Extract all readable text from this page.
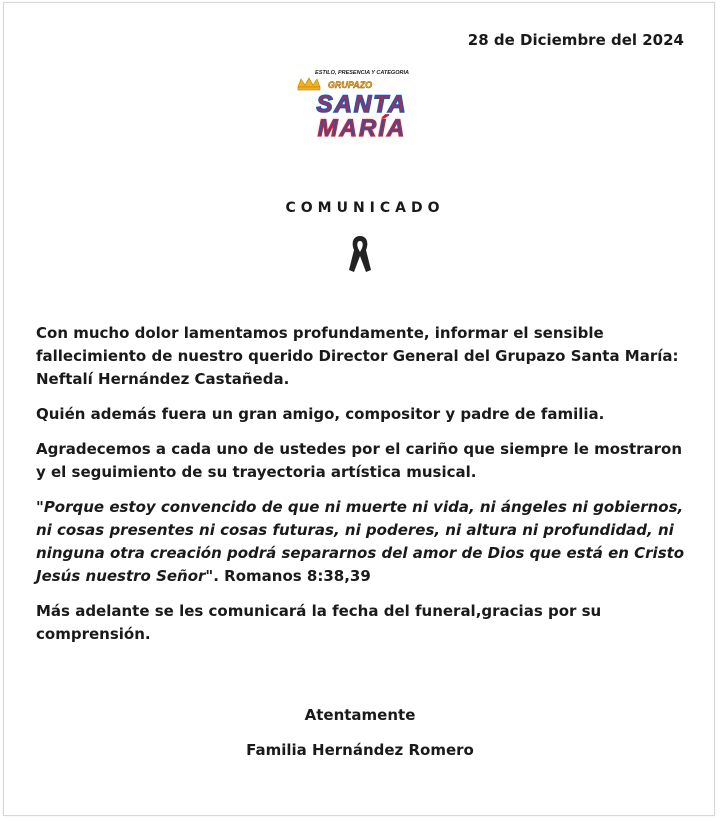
28 de Diciembre del 2024
ESTILO, PRESENCIA Y CATEGORIA
GRUPAZO
SANTA
MARÍA
COMUNICADO

Con mucho dolor lamentamos profundamente, informar el sensible fallecimiento de nuestro querido Director General del Grupazo Santa María: Neftalí Hernández Castañeda.

Quién además fuera un gran amigo, compositor y padre de familia.

Agradecemos a cada uno de ustedes por el cariño que siempre le mostraron y el seguimiento de su trayectoria artística musical.

"Porque estoy convencido de que ni muerte ni vida, ni ángeles ni gobiernos, ni cosas presentes ni cosas futuras, ni poderes, ni altura ni profundidad, ni ninguna otra creación podrá separarnos del amor de Dios que está en Cristo Jesús nuestro Señor". Romanos 8:38,39

Más adelante se les comunicará la fecha del funeral,gracias por su comprensión.

Atentamente
Familia Hernández Romero
